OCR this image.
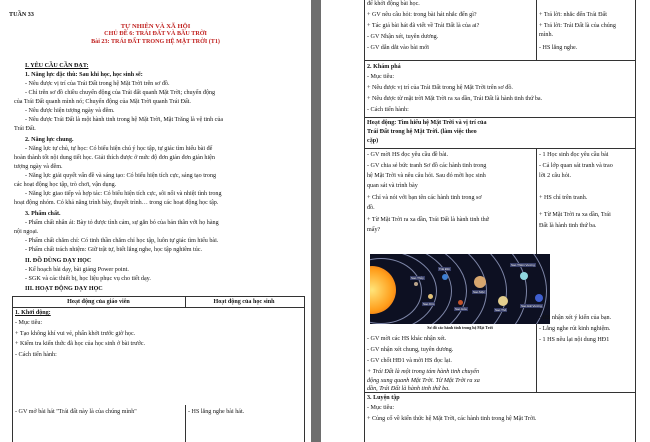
TUẦN 33
TỰ NHIÊN VÀ XÃ HỘI
CHỦ ĐỀ 6: TRÁI ĐẤT VÀ BẦU TRỜI
Bài 23: TRÁI ĐẤT TRONG HỆ MẶT TRỜI (T1)
I. YÊU CẦU CẦN ĐẠT:
1. Năng lực đặc thù: Sau khi học, học sinh sẽ:
- Nêu được vị trí của Trái Đất trong hệ Mặt Trời trên sơ đồ.
- Chỉ trên sơ đồ chiều chuyển động của Trái đất quanh Mặt Trời; chuyển động
của Trái Đất quanh mình nó; Chuyển động của Mặt Trời quanh Trái Đất.
- Nêu được hiện tượng ngày và đêm.
- Nêu được Trái Đất là một hành tinh trong hệ Mặt Trời, Mặt Trăng là vệ tinh của
Trái Đất.
2. Năng lực chung.
- Năng lực tự chủ, tự học: Có biểu hiện chú ý học tập, tự giác tìm hiểu bài để
hoàn thành tốt nội dung tiết học. Giải thích được ở mức độ đơn giản đơn giản hiện
tượng ngày và đêm.
- Năng lực giải quyết vấn đề và sáng tạo: Có biểu hiện tích cực, sáng tạo trong
các hoạt động học tập, trò chơi, vận dụng.
- Năng lực giao tiếp và hợp tác: Có biểu hiện tích cực, sôi nổi và nhiệt tình trong
hoạt động nhóm. Có khả năng trình bày, thuyết trình… trong các hoạt động học tập.
3. Phẩm chất.
- Phẩm chất nhân ái: Bày tỏ được tình cảm, sự gắn bó của bản thân với họ hàng
nội ngoại.
- Phẩm chất chăm chỉ: Có tinh thần chăm chỉ học tập, luôn tự giác tìm hiểu bài.
- Phẩm chất trách nhiệm: Giữ trật tự, biết lắng nghe, học tập nghiêm túc.
II. ĐỒ DÙNG DẠY HỌC
- Kế hoạch bài dạy, bài giảng Power point.
- SGK và các thiết bị, học liệu phục vụ cho tiết dạy.
III. HOẠT ĐỘNG DẠY HỌC
Hoạt động của giáo viên	Hoạt động của học sinh
1. Khởi động:
- Mục tiêu:
+ Tạo không khí vui vẻ, phấn khởi trước giờ học.
+ Kiểm tra kiến thức đã học của học sinh ở bài trước.
- Cách tiến hành:
- GV mở bài hát "Trái đất này là của chúng mình"	- HS lắng nghe bài hát.
để khởi động bài học.
+ GV nêu câu hỏi: trong bài hát nhắc đến gì?
+ Tác giả bài hát đã viết về Trái Đất là của ai?
- GV Nhận xét, tuyên dương.
- GV dẫn dắt vào bài mới
+ Trả lời: nhắc đến Trái Đất
+ Trả lời: Trái Đất là của chúng
mình.
- HS lắng nghe.
2. Khám phá
- Mục tiêu:
+ Nêu được vị trí của Trái Đất trong hệ Mặt Trời trên sơ đồ.
+ Nêu được từ mặt trời Mặt Trời ra xa dần, Trái Đất là hành tinh thứ ba.
- Cách tiến hành:
Hoạt động: Tìm hiểu hệ Mặt Trời và vị trí của
Trái Đất trong hệ Mặt Trời. (làm việc theo
cặp)
- GV mời HS đọc yêu cầu đề bài.
- GV chia sẻ bức tranh Sơ đồ các hành tinh trong
hệ Mặt Trời và nêu câu hỏi. Sau đó mời học sinh
quan sát và trình bày
+ Chỉ và nói với bạn tên các hành tinh trong sơ
đồ.
+ Từ Mặt Trời ra xa dần, Trái Đất là hành tinh thứ
mấy?
- 1 Học sinh đọc yêu cầu bài
- Cả lớp quan sát tranh và trao
lời 2 câu hỏi.
+ HS chỉ trên tranh.
+ Từ Mặt Trời ra xa dần, Trái
Đất là hành tinh thứ ba.
Sao Thủy
Sao Kim
Trái Đất
Sao Hỏa
Sao Mộc
Sao Thổ
Sao Thiên Vương
Sao Hải Vương
Sơ đồ các hành tinh trong hệ Mặt Trời
- GV mời các HS khác nhận xét.
- GV nhận xét chung, tuyên dương.
- GV chốt HĐ1 và mời HS đọc lại.
+ Trái Đất là một trong tám hành tinh chuyển
động xung quanh Mặt Trời. Từ Mặt Trời ra xa
dần, Trái Đất là hành tinh thứ ba.
- HS nhận xét ý kiến của bạn.
- Lắng nghe rút kinh nghiệm.
- 1 HS nêu lại nội dung HĐ1
3. Luyện tập
- Mục tiêu:
+ Củng cố về kiến thức hệ Mặt Trời, các hành tinh trong hệ Mặt Trời.
